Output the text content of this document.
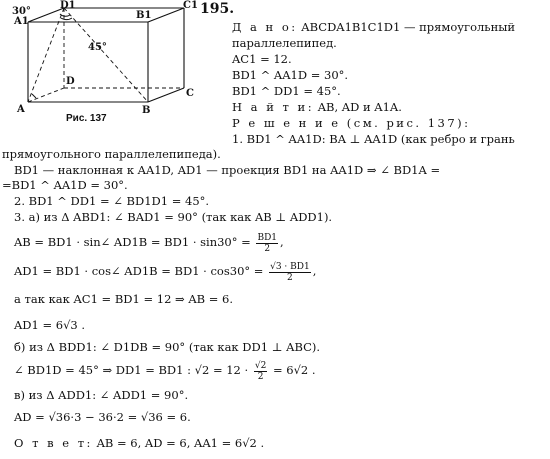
30°
45°
A1
D1	C1
B1
A
D
C
B
Рис. 137
195.
Д а н о: ABCDA1B1C1D1 — прямоугольный
параллелепипед.
AC1 = 12.
BD1 ^ AA1D = 30°.
BD1 ^ DD1 = 45°.
Н а й т и: AB, AD и A1A.
Р е ш е н и е (см. рис. 137):
1. BD1 ^ AA1D: BA ⊥ AA1D (как ребро и грань
прямоугольного параллелепипеда).
BD1 — наклонная к AA1D, AD1 — проекция BD1 на AA1D ⇒ ∠ BD1A =
=BD1 ^ AA1D = 30°.
2. BD1 ^ DD1 = ∠ BD1D1 = 45°.
3. а) из Δ ABD1: ∠ BAD1 = 90° (так как AB ⊥ ADD1).
AB = BD1 · sin∠ $AD1B = BD1 \cdot \sin 30^\circ = \frac{BD1}{2}$ ,
AD1 = BD1 · cos∠ $AD1B = BD1 \cdot \cos 30^\circ = \frac{√3 \cdot BD1}{2}$ ,
а так как AC1 = BD1 = 12 ⇒ AB = 6.
AD1 = 6√3 .
б) из Δ BDD1: ∠ D1DB = 90° (так как DD1 ⊥ ABC).
∠ BD1D = 45° ⇒ DD1 = BD1 : $√2 = 12 \cdot \frac{√2}{2} = 6√2$ .
в) из Δ ADD1: ∠ ADD1 = 90°.
AD = √36·3 − 36·2 = √36 = 6.
О т в е т: AB = 6, AD = 6, AA1 = 6√2 .
